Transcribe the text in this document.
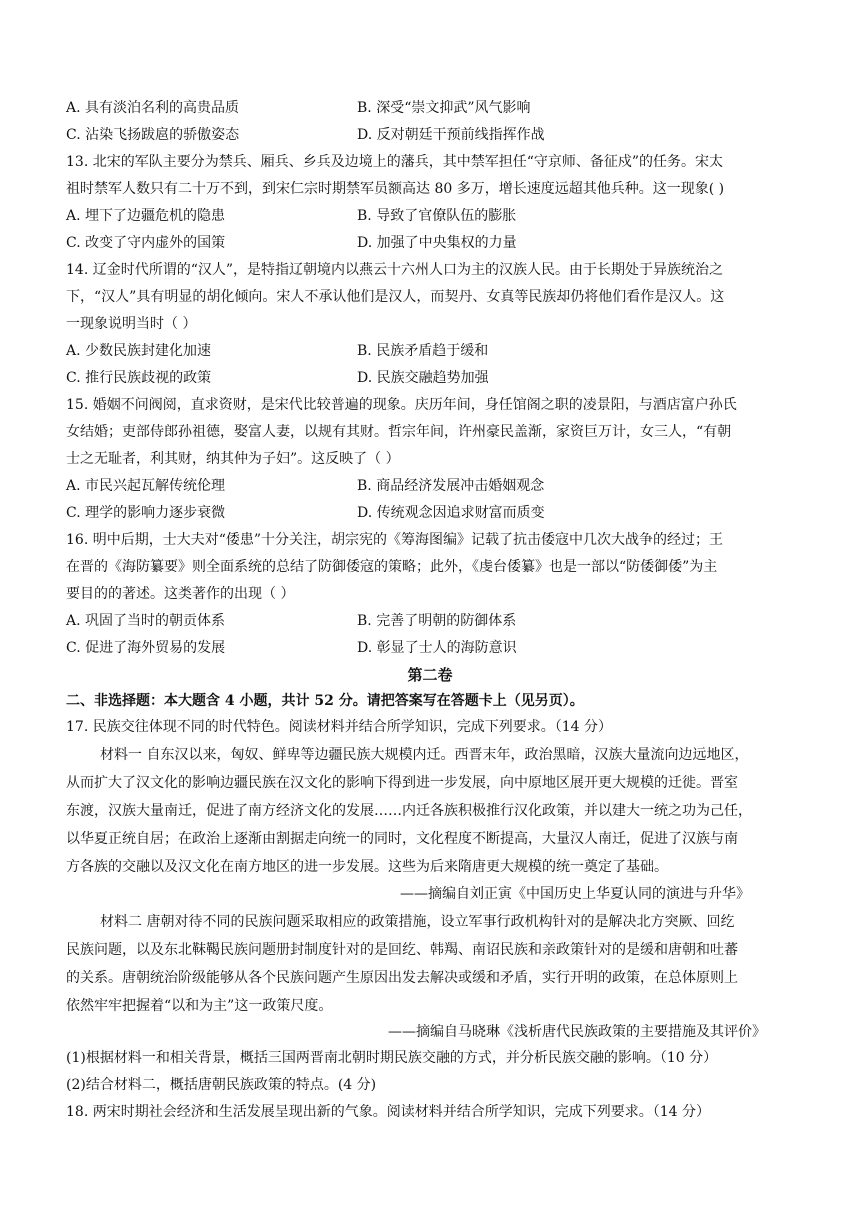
A. 具有淡泊名利的高贵品质	B. 深受“崇文抑武”风气影响
C. 沾染飞扬跋扈的骄傲姿态	D. 反对朝廷干预前线指挥作战
13. 北宋的军队主要分为禁兵、厢兵、乡兵及边境上的藩兵，其中禁军担任“守京师、备征戍”的任务。宋太
祖时禁军人数只有二十万不到，到宋仁宗时期禁军员额高达 80 多万，增长速度远超其他兵种。这一现象( )
A. 埋下了边疆危机的隐患	B. 导致了官僚队伍的膨胀
C. 改变了守内虚外的国策	D. 加强了中央集权的力量
14. 辽金时代所谓的“汉人”，是特指辽朝境内以燕云十六州人口为主的汉族人民。由于长期处于异族统治之
下，“汉人”具有明显的胡化倾向。宋人不承认他们是汉人，而契丹、女真等民族却仍将他们看作是汉人。这
一现象说明当时（ ）
A. 少数民族封建化加速	B. 民族矛盾趋于缓和
C. 推行民族歧视的政策	D. 民族交融趋势加强
15. 婚姻不问阀阅，直求资财，是宋代比较普遍的现象。庆历年间，身任馆阁之职的凌景阳，与酒店富户孙氏
女结婚；吏部侍郎孙祖德，娶富人妻，以规有其财。哲宗年间，许州豪民盖渐，家资巨万计，女三人，“有朝
士之无耻者，利其财，纳其仲为子妇”。这反映了（ ）
A. 市民兴起瓦解传统伦理	B. 商品经济发展冲击婚姻观念
C. 理学的影响力逐步衰微	D. 传统观念因追求财富而质变
16. 明中后期，士大夫对“倭患”十分关注，胡宗宪的《筹海图编》记载了抗击倭寇中几次大战争的经过；王
在晋的《海防纂要》则全面系统的总结了防御倭寇的策略；此外，《虔台倭纂》也是一部以“防倭御倭”为主
要目的的著述。这类著作的出现（ ）
A. 巩固了当时的朝贡体系	B. 完善了明朝的防御体系
C. 促进了海外贸易的发展	D. 彰显了士人的海防意识
第二卷
二、非选择题：本大题含 4 小题，共计 52 分。请把答案写在答题卡上（见另页）。
17. 民族交往体现不同的时代特色。阅读材料并结合所学知识，完成下列要求。（14 分）
材料一 自东汉以来，匈奴、鲜卑等边疆民族大规模内迁。西晋末年，政治黑暗，汉族大量流向边远地区，
从而扩大了汉文化的影响边疆民族在汉文化的影响下得到进一步发展，向中原地区展开更大规模的迁徙。晋室
东渡，汉族大量南迁，促进了南方经济文化的发展……内迁各族积极推行汉化政策，并以建大一统之功为己任，
以华夏正统自居；在政治上逐渐由割据走向统一的同时，文化程度不断提高，大量汉人南迁，促进了汉族与南
方各族的交融以及汉文化在南方地区的进一步发展。这些为后来隋唐更大规模的统一奠定了基础。
——摘编自刘正寅《中国历史上华夏认同的演进与升华》
材料二 唐朝对待不同的民族问题采取相应的政策措施，设立军事行政机构针对的是解决北方突厥、回纥
民族问题，以及东北靺鞨民族问题册封制度针对的是回纥、韩羯、南诏民族和亲政策针对的是缓和唐朝和吐蕃
的关系。唐朝统治阶级能够从各个民族问题产生原因出发去解决或缓和矛盾，实行开明的政策，在总体原则上
依然牢牢把握着“以和为主”这一政策尺度。
——摘编自马晓琳《浅析唐代民族政策的主要措施及其评价》
(1)根据材料一和相关背景，概括三国两晋南北朝时期民族交融的方式，并分析民族交融的影响。（10 分）
(2)结合材料二，概括唐朝民族政策的特点。(4 分)
18. 两宋时期社会经济和生活发展呈现出新的气象。阅读材料并结合所学知识，完成下列要求。（14 分）
